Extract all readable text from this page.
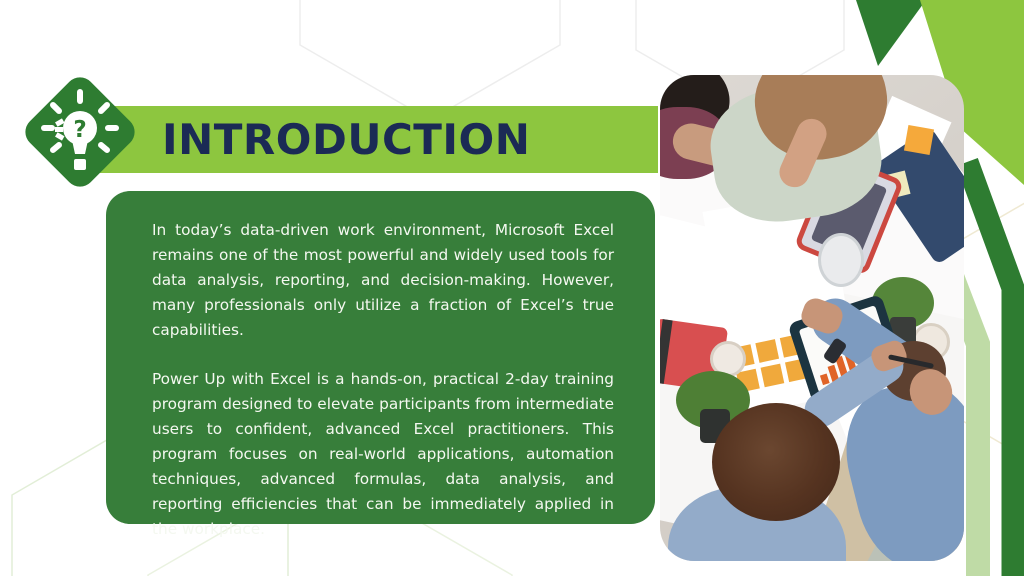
INTRODUCTION

In today’s data-driven work environment, Microsoft Excel remains one of the most powerful and widely used tools for data analysis, reporting, and decision-making. However, many professionals only utilize a fraction of Excel’s true capabilities.

Power Up with Excel is a hands-on, practical 2-day training program designed to elevate participants from intermediate users to confident, advanced Excel practitioners. This program focuses on real-world applications, automation techniques, advanced formulas, data analysis, and reporting efficiencies that can be immediately applied in the workplace.

?
